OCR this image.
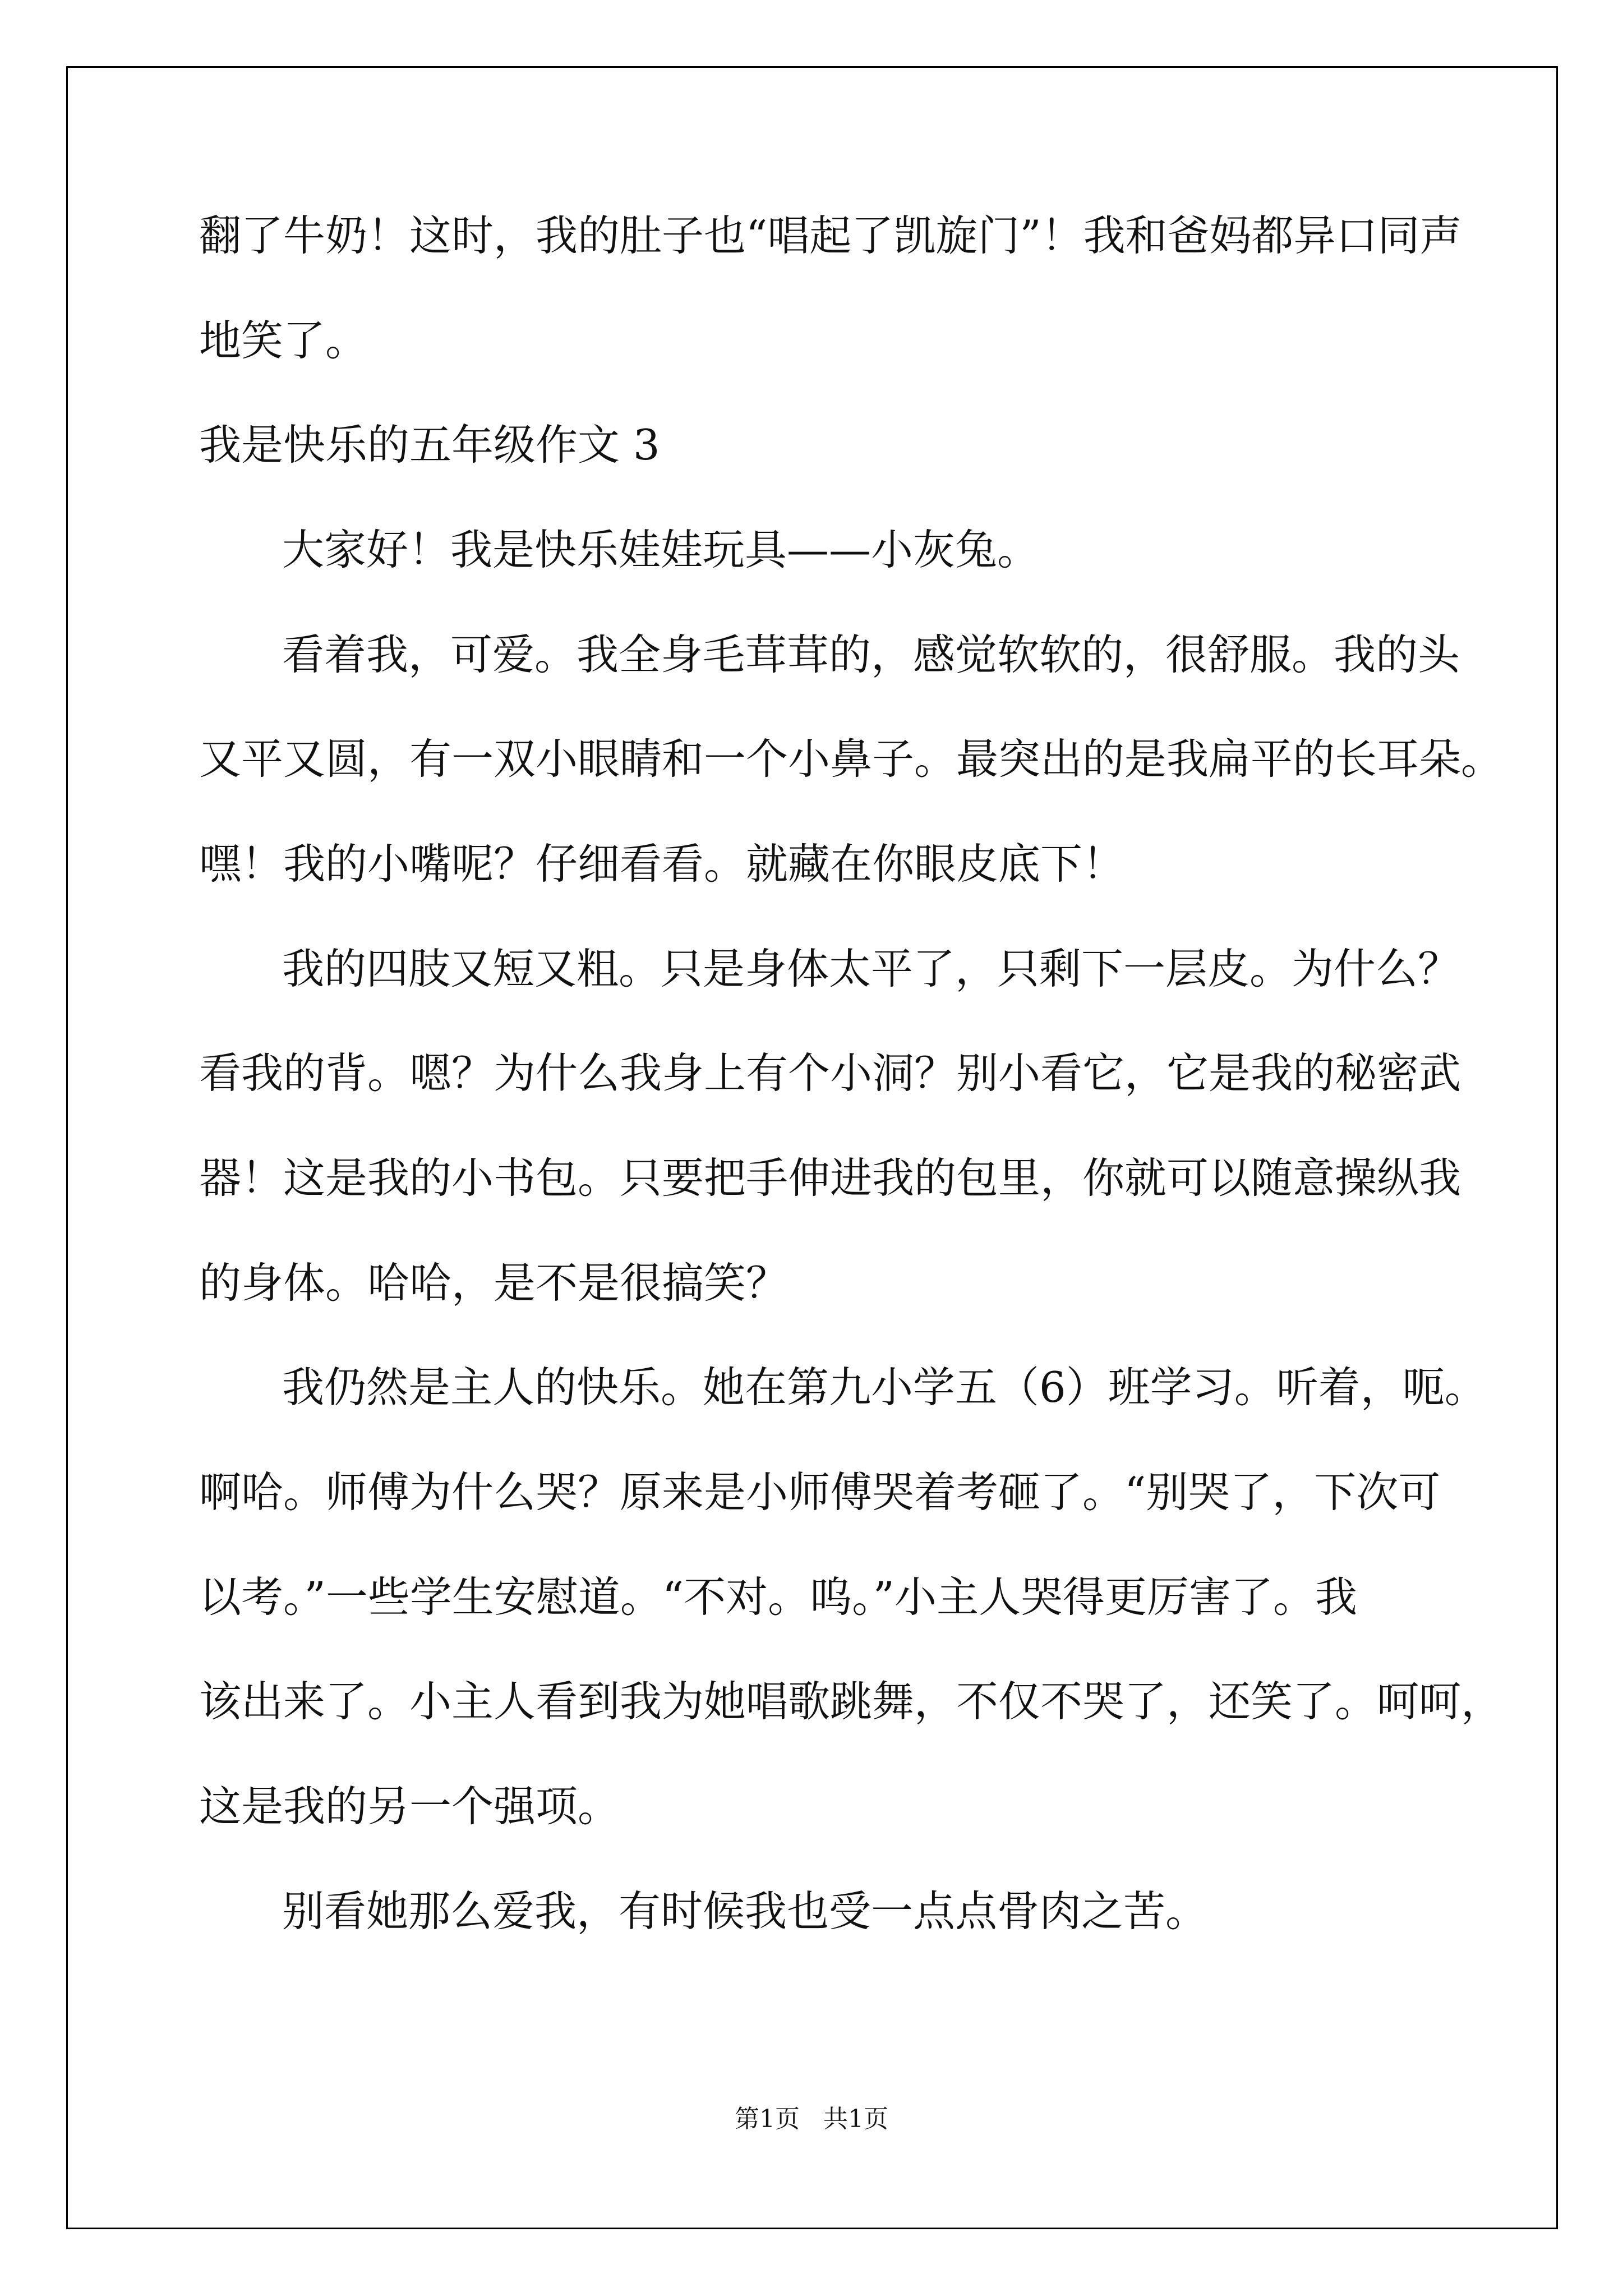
翻了牛奶！这时，我的肚子也“唱起了凯旋门”！我和爸妈都异口同声
地笑了。
我是快乐的五年级作文 3
大家好！我是快乐娃娃玩具——小灰兔。
看着我，可爱。我全身毛茸茸的，感觉软软的，很舒服。我的头
又平又圆，有一双小眼睛和一个小鼻子。最突出的是我扁平的长耳朵。
嘿！我的小嘴呢？仔细看看。就藏在你眼皮底下！
我的四肢又短又粗。只是身体太平了，只剩下一层皮。为什么？
看我的背。嗯？为什么我身上有个小洞？别小看它，它是我的秘密武
器！这是我的小书包。只要把手伸进我的包里，你就可以随意操纵我
的身体。哈哈，是不是很搞笑？
我仍然是主人的快乐。她在第九小学五（6）班学习。听着，呃。
啊哈。师傅为什么哭？原来是小师傅哭着考砸了。“别哭了，下次可
以考。”一些学生安慰道。“不对。呜。”小主人哭得更厉害了。我
该出来了。小主人看到我为她唱歌跳舞，不仅不哭了，还笑了。呵呵，
这是我的另一个强项。
别看她那么爱我，有时候我也受一点点骨肉之苦。
第1页   共1页
